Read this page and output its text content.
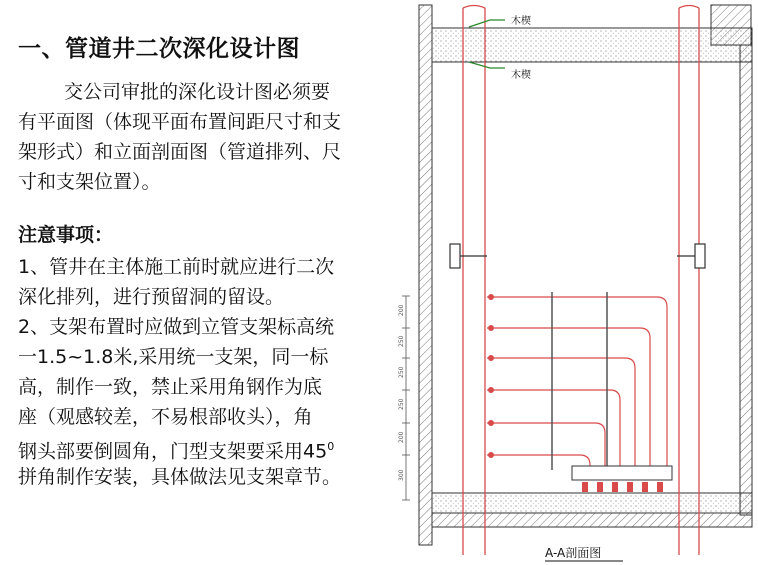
一、管道井二次深化设计图
交公司审批的深化设计图必须要
有平面图（体现平面布置间距尺寸和支
架形式）和立面剖面图（管道排列、尺
寸和支架位置）。
注意事项：
1、管井在主体施工前时就应进行二次
深化排列，进行预留洞的留设。
2、支架布置时应做到立管支架标高统
一1.5~1.8米,采用统一支架，同一标
高，制作一致，禁止采用角钢作为底
座（观感较差，不易根部收头），角
钢头部要倒圆角，门型支架要采用$45^0$
拼角制作安装，具体做法见支架章节。
木楔
木楔
200
250
250
250
200
300
A-A剖面图
